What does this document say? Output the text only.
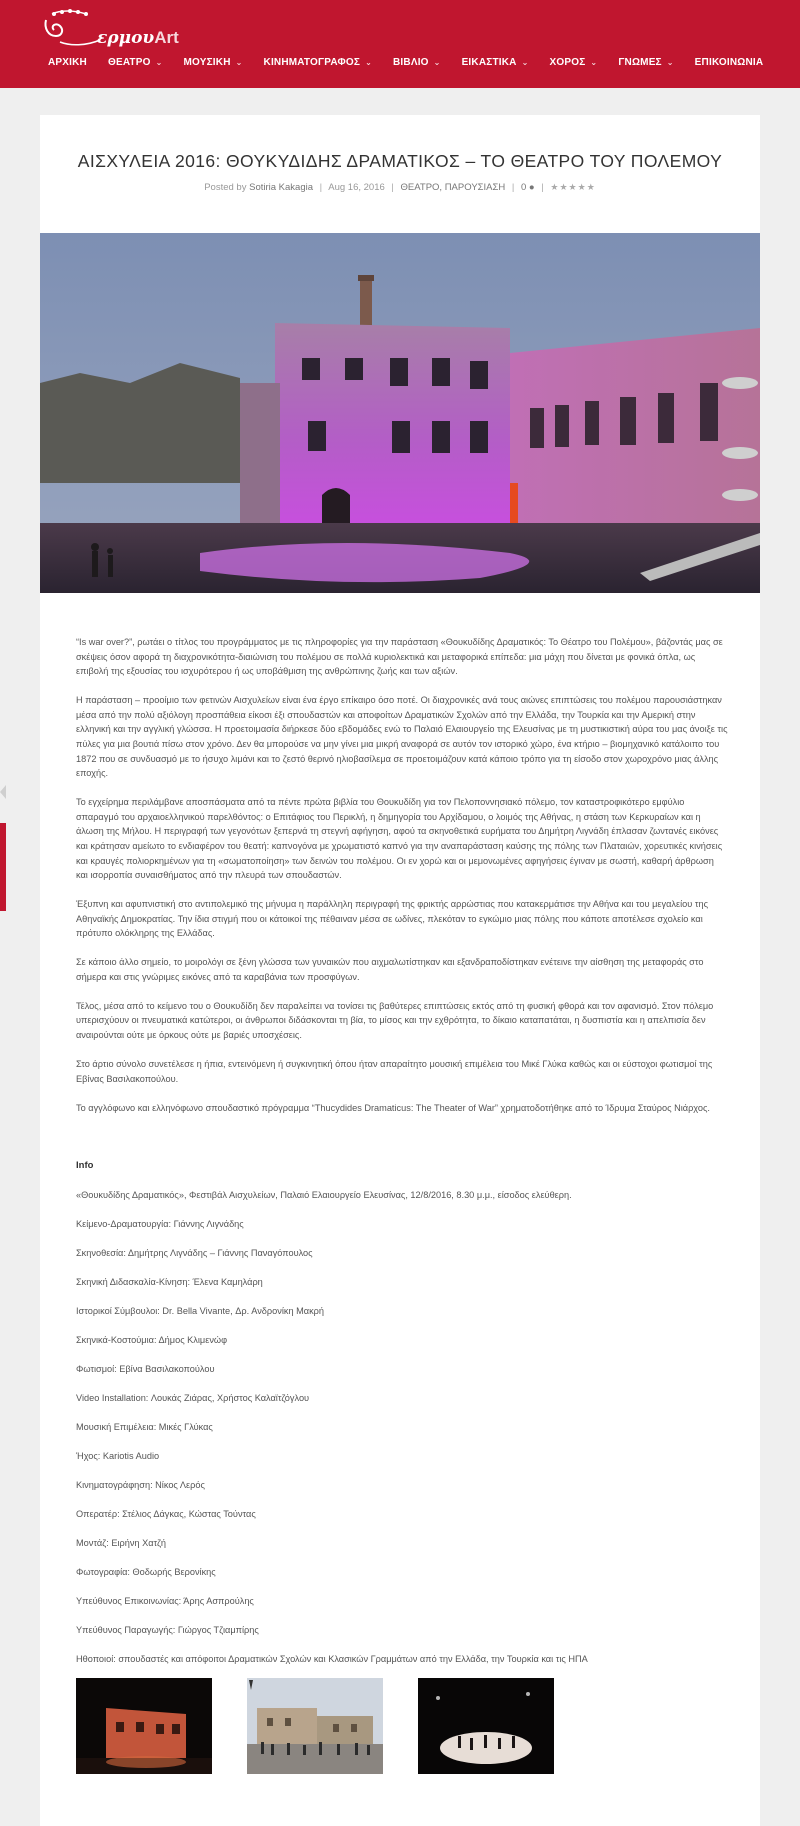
ερμουArt
ΑΡΧΙΚΗ ΘΕΑΤΡΟ ⌄ ΜΟΥΣΙΚΗ ⌄ ΚΙΝΗΜΑΤΟΓΡΑΦΟΣ ⌄ ΒΙΒΛΙΟ ⌄ ΕΙΚΑΣΤΙΚΑ ⌄ ΧΟΡΟΣ ⌄ ΓΝΩΜΕΣ ⌄ ΕΠΙΚΟΙΝΩΝΙΑ
ΑΙΣΧΥΛΕΙΑ 2016: ΘΟΥΚΥΔΙΔΗΣ ΔΡΑΜΑΤΙΚΟΣ – ΤΟ ΘΕΑΤΡΟ ΤΟΥ ΠΟΛΕΜΟΥ
Posted by Sotiria Kakagia | Aug 16, 2016 | ΘΕΑΤΡΟ, ΠΑΡΟΥΣΙΑΣΗ | 0 ● | ★★★★★

“Is war over?”, ρωτάει ο τίτλος του προγράμματος με τις πληροφορίες για την παράσταση «Θουκυδίδης Δραματικός: Το Θέατρο του Πολέμου», βάζοντάς μας σε σκέψεις όσον αφορά τη διαχρονικότητα-διαιώνιση του πολέμου σε πολλά κυριολεκτικά και μεταφορικά επίπεδα: μια μάχη που δίνεται με φονικά όπλα, ως επιβολή της εξουσίας του ισχυρότερου ή ως υποβάθμιση της ανθρώπινης ζωής και των αξιών.

Η παράσταση – προοίμιο των φετινών Αισχυλείων είναι ένα έργο επίκαιρο όσο ποτέ. Οι διαχρονικές ανά τους αιώνες επιπτώσεις του πολέμου παρουσιάστηκαν μέσα από την πολύ αξιόλογη προσπάθεια είκοσι έξι σπουδαστών και αποφοίτων Δραματικών Σχολών από την Ελλάδα, την Τουρκία και την Αμερική στην ελληνική και την αγγλική γλώσσα. Η προετοιμασία διήρκεσε δύο εβδομάδες ενώ το Παλαιό Ελαιουργείο της Ελευσίνας με τη μυστικιστική αύρα του μας άνοιξε τις πύλες για μια βουτιά πίσω στον χρόνο. Δεν θα μπορούσε να μην γίνει μια μικρή αναφορά σε αυτόν τον ιστορικό χώρο, ένα κτήριο – βιομηχανικό κατάλοιπο του 1872 που σε συνδυασμό με το ήσυχο λιμάνι και το ζεστό θερινό ηλιοβασίλεμα σε προετοιμάζουν κατά κάποιο τρόπο για τη είσοδο στον χωροχρόνο μιας άλλης εποχής.

Το εγχείρημα περιλάμβανε αποσπάσματα από τα πέντε πρώτα βιβλία του Θουκυδίδη για τον Πελοποννησιακό πόλεμο, τον καταστροφικότερο εμφύλιο σπαραγμό του αρχαιοελληνικού παρελθόντος: ο Επιτάφιος του Περικλή, η δημηγορία του Αρχίδαμου, ο λοιμός της Αθήνας, η στάση των Κερκυραίων και η άλωση της Μήλου. Η περιγραφή των γεγονότων ξεπερνά τη στεγνή αφήγηση, αφού τα σκηνοθετικά ευρήματα του Δημήτρη Λιγνάδη έπλασαν ζωντανές εικόνες και κράτησαν αμείωτο το ενδιαφέρον του θεατή: καπνογόνα με χρωματιστό καπνό για την αναπαράσταση καύσης της πόλης των Πλαταιών, χορευτικές κινήσεις και κραυγές πολιορκημένων για τη «σωματοποίηση» των δεινών του πολέμου. Οι εν χορώ και οι μεμονωμένες αφηγήσεις έγιναν με σωστή, καθαρή άρθρωση και ισορροπία συναισθήματος από την πλευρά των σπουδαστών.

Έξυπνη και αφυπνιστική στο αντιπολεμικό της μήνυμα η παράλληλη περιγραφή της φρικτής αρρώστιας που κατακερμάτισε την Αθήνα και του μεγαλείου της Αθηναϊκής Δημοκρατίας. Την ίδια στιγμή που οι κάτοικοί της πέθαιναν μέσα σε ωδίνες, πλεκόταν το εγκώμιο μιας πόλης που κάποτε αποτέλεσε σχολείο και πρότυπο ολόκληρης της Ελλάδας.

Σε κάποιο άλλο σημείο, το μοιρολόγι σε ξένη γλώσσα των γυναικών που αιχμαλωτίστηκαν και εξανδραποδίστηκαν ενέτεινε την αίσθηση της μεταφοράς στο σήμερα και στις γνώριμες εικόνες από τα καραβάνια των προσφύγων.

Τέλος, μέσα από το κείμενο του ο Θουκυδίδη δεν παραλείπει να τονίσει τις βαθύτερες επιπτώσεις εκτός από τη φυσική φθορά και τον αφανισμό. Στον πόλεμο υπερισχύουν οι πνευματικά κατώτεροι, οι άνθρωποι διδάσκονται τη βία, το μίσος και την εχθρότητα, το δίκαιο καταπατάται, η δυσπιστία και η απελπισία δεν αναιρούνται ούτε με όρκους ούτε με βαριές υποσχέσεις.

Στο άρτιο σύνολο συνετέλεσε η ήπια, εντεινόμενη ή συγκινητική όπου ήταν απαραίτητο μουσική επιμέλεια του Μικέ Γλύκα καθώς και οι εύστοχοι φωτισμοί της Εβίνας Βασιλακοπούλου.

Το αγγλόφωνο και ελληνόφωνο σπουδαστικό πρόγραμμα “Thucydides Dramaticus: The Theater of War” χρηματοδοτήθηκε από το Ίδρυμα Σταύρος Νιάρχος.

Info

«Θουκυδίδης Δραματικός», Φεστιβάλ Αισχυλείων, Παλαιό Ελαιουργείο Ελευσίνας, 12/8/2016, 8.30 μ.μ., είσοδος ελεύθερη.

Κείμενο-Δραματουργία: Γιάννης Λιγνάδης

Σκηνοθεσία: Δημήτρης Λιγνάδης – Γιάννης Παναγόπουλος

Σκηνική Διδασκαλία-Κίνηση: Έλενα Καμηλάρη

Ιστορικοί Σύμβουλοι: Dr. Bella Vivante, Δρ. Ανδρονίκη Μακρή

Σκηνικά-Κοστούμια: Δήμος Κλιμενώφ

Φωτισμοί: Εβίνα Βασιλακοπούλου

Video Installation: Λουκάς Ζιάρας, Χρήστος Καλαϊτζόγλου

Μουσική Επιμέλεια: Μικές Γλύκας

Ήχος: Kariotis Audio

Κινηματογράφηση: Νίκος Λερός

Οπερατέρ: Στέλιος Δάγκας, Κώστας Τούντας

Μοντάζ: Ειρήνη Χατζή

Φωτογραφία: Θοδωρής Βερονίκης

Υπεύθυνος Επικοινωνίας: Άρης Ασπρούλης

Υπεύθυνος Παραγωγής: Γιώργος Τζιαμπίρης

Ηθοποιοί: σπουδαστές και απόφοιτοι Δραματικών Σχολών και Κλασικών Γραμμάτων από την Ελλάδα, την Τουρκία και τις ΗΠΑ
